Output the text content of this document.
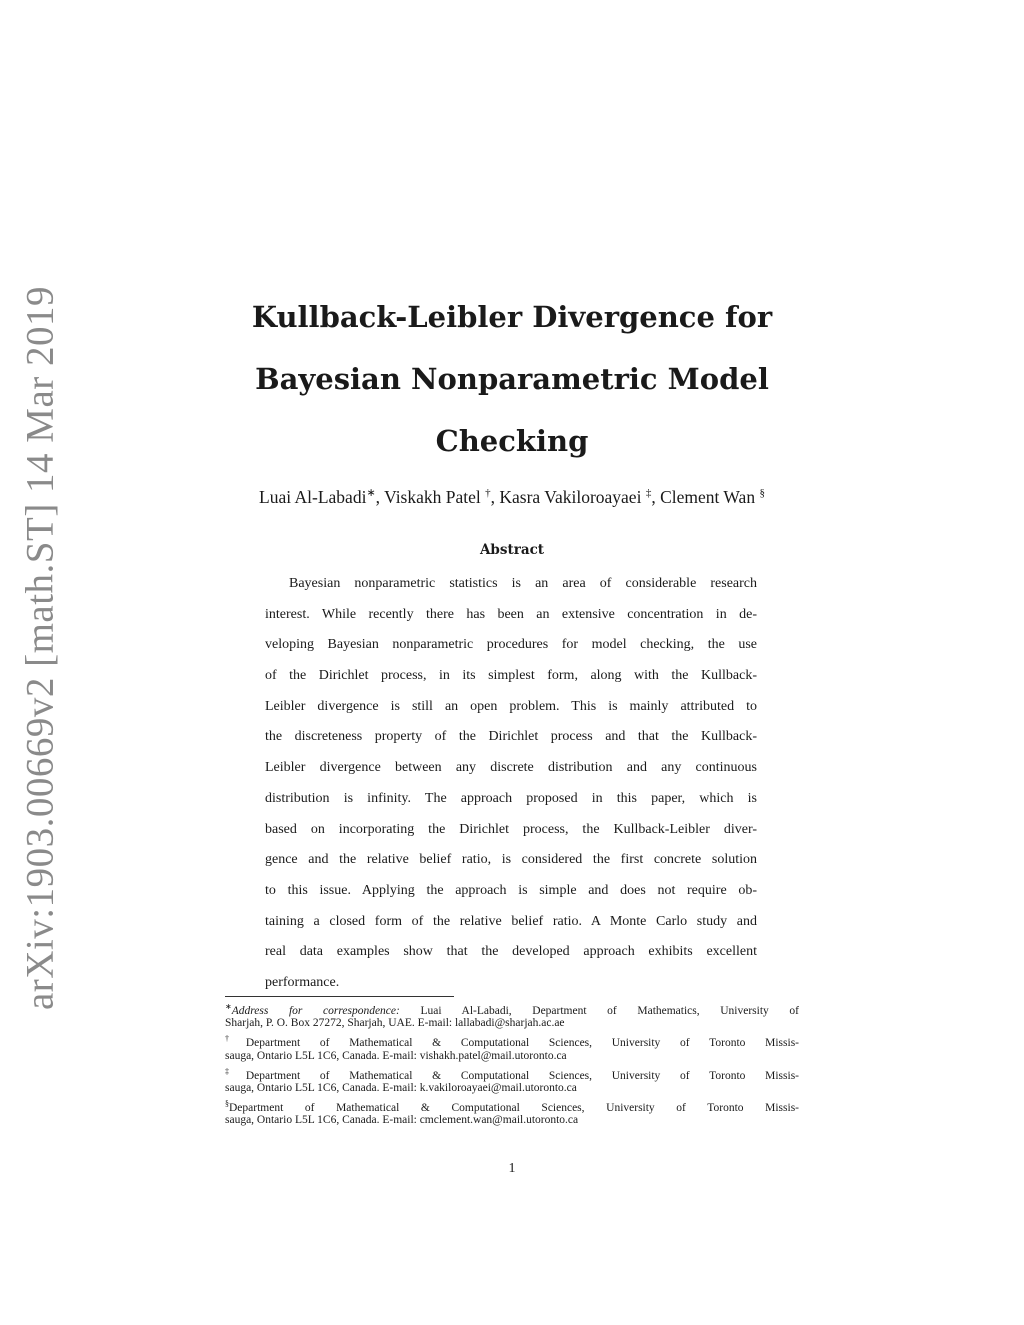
arXiv:1903.00669v2 [math.ST] 14 Mar 2019	Kullback-Leibler Divergence for
Bayesian Nonparametric Model
Checking
Luai Al-Labadi∗, Viskakh Patel †, Kasra Vakiloroayaei ‡, Clement Wan §
Abstract
Bayesian nonparametric statistics is an area of considerable research
interest. While recently there has been an extensive concentration in de-
veloping Bayesian nonparametric procedures for model checking, the use
of the Dirichlet process, in its simplest form, along with the Kullback-
Leibler divergence is still an open problem. This is mainly attributed to
the discreteness property of the Dirichlet process and that the Kullback-
Leibler divergence between any discrete distribution and any continuous
distribution is infinity. The approach proposed in this paper, which is
based on incorporating the Dirichlet process, the Kullback-Leibler diver-
gence and the relative belief ratio, is considered the first concrete solution
to this issue. Applying the approach is simple and does not require ob-
taining a closed form of the relative belief ratio. A Monte Carlo study and
real data examples show that the developed approach exhibits excellent
performance.
∗Address for correspondence: Luai Al-Labadi, Department of Mathematics, University of
Sharjah, P. O. Box 27272, Sharjah, UAE. E-mail: lallabadi@sharjah.ac.ae
†Department of Mathematical & Computational Sciences, University of Toronto Missis-
sauga, Ontario L5L 1C6, Canada. E-mail: vishakh.patel@mail.utoronto.ca
‡Department of Mathematical & Computational Sciences, University of Toronto Missis-
sauga, Ontario L5L 1C6, Canada. E-mail: k.vakiloroayaei@mail.utoronto.ca
§Department of Mathematical & Computational Sciences, University of Toronto Missis-
sauga, Ontario L5L 1C6, Canada. E-mail: cmclement.wan@mail.utoronto.ca
1
